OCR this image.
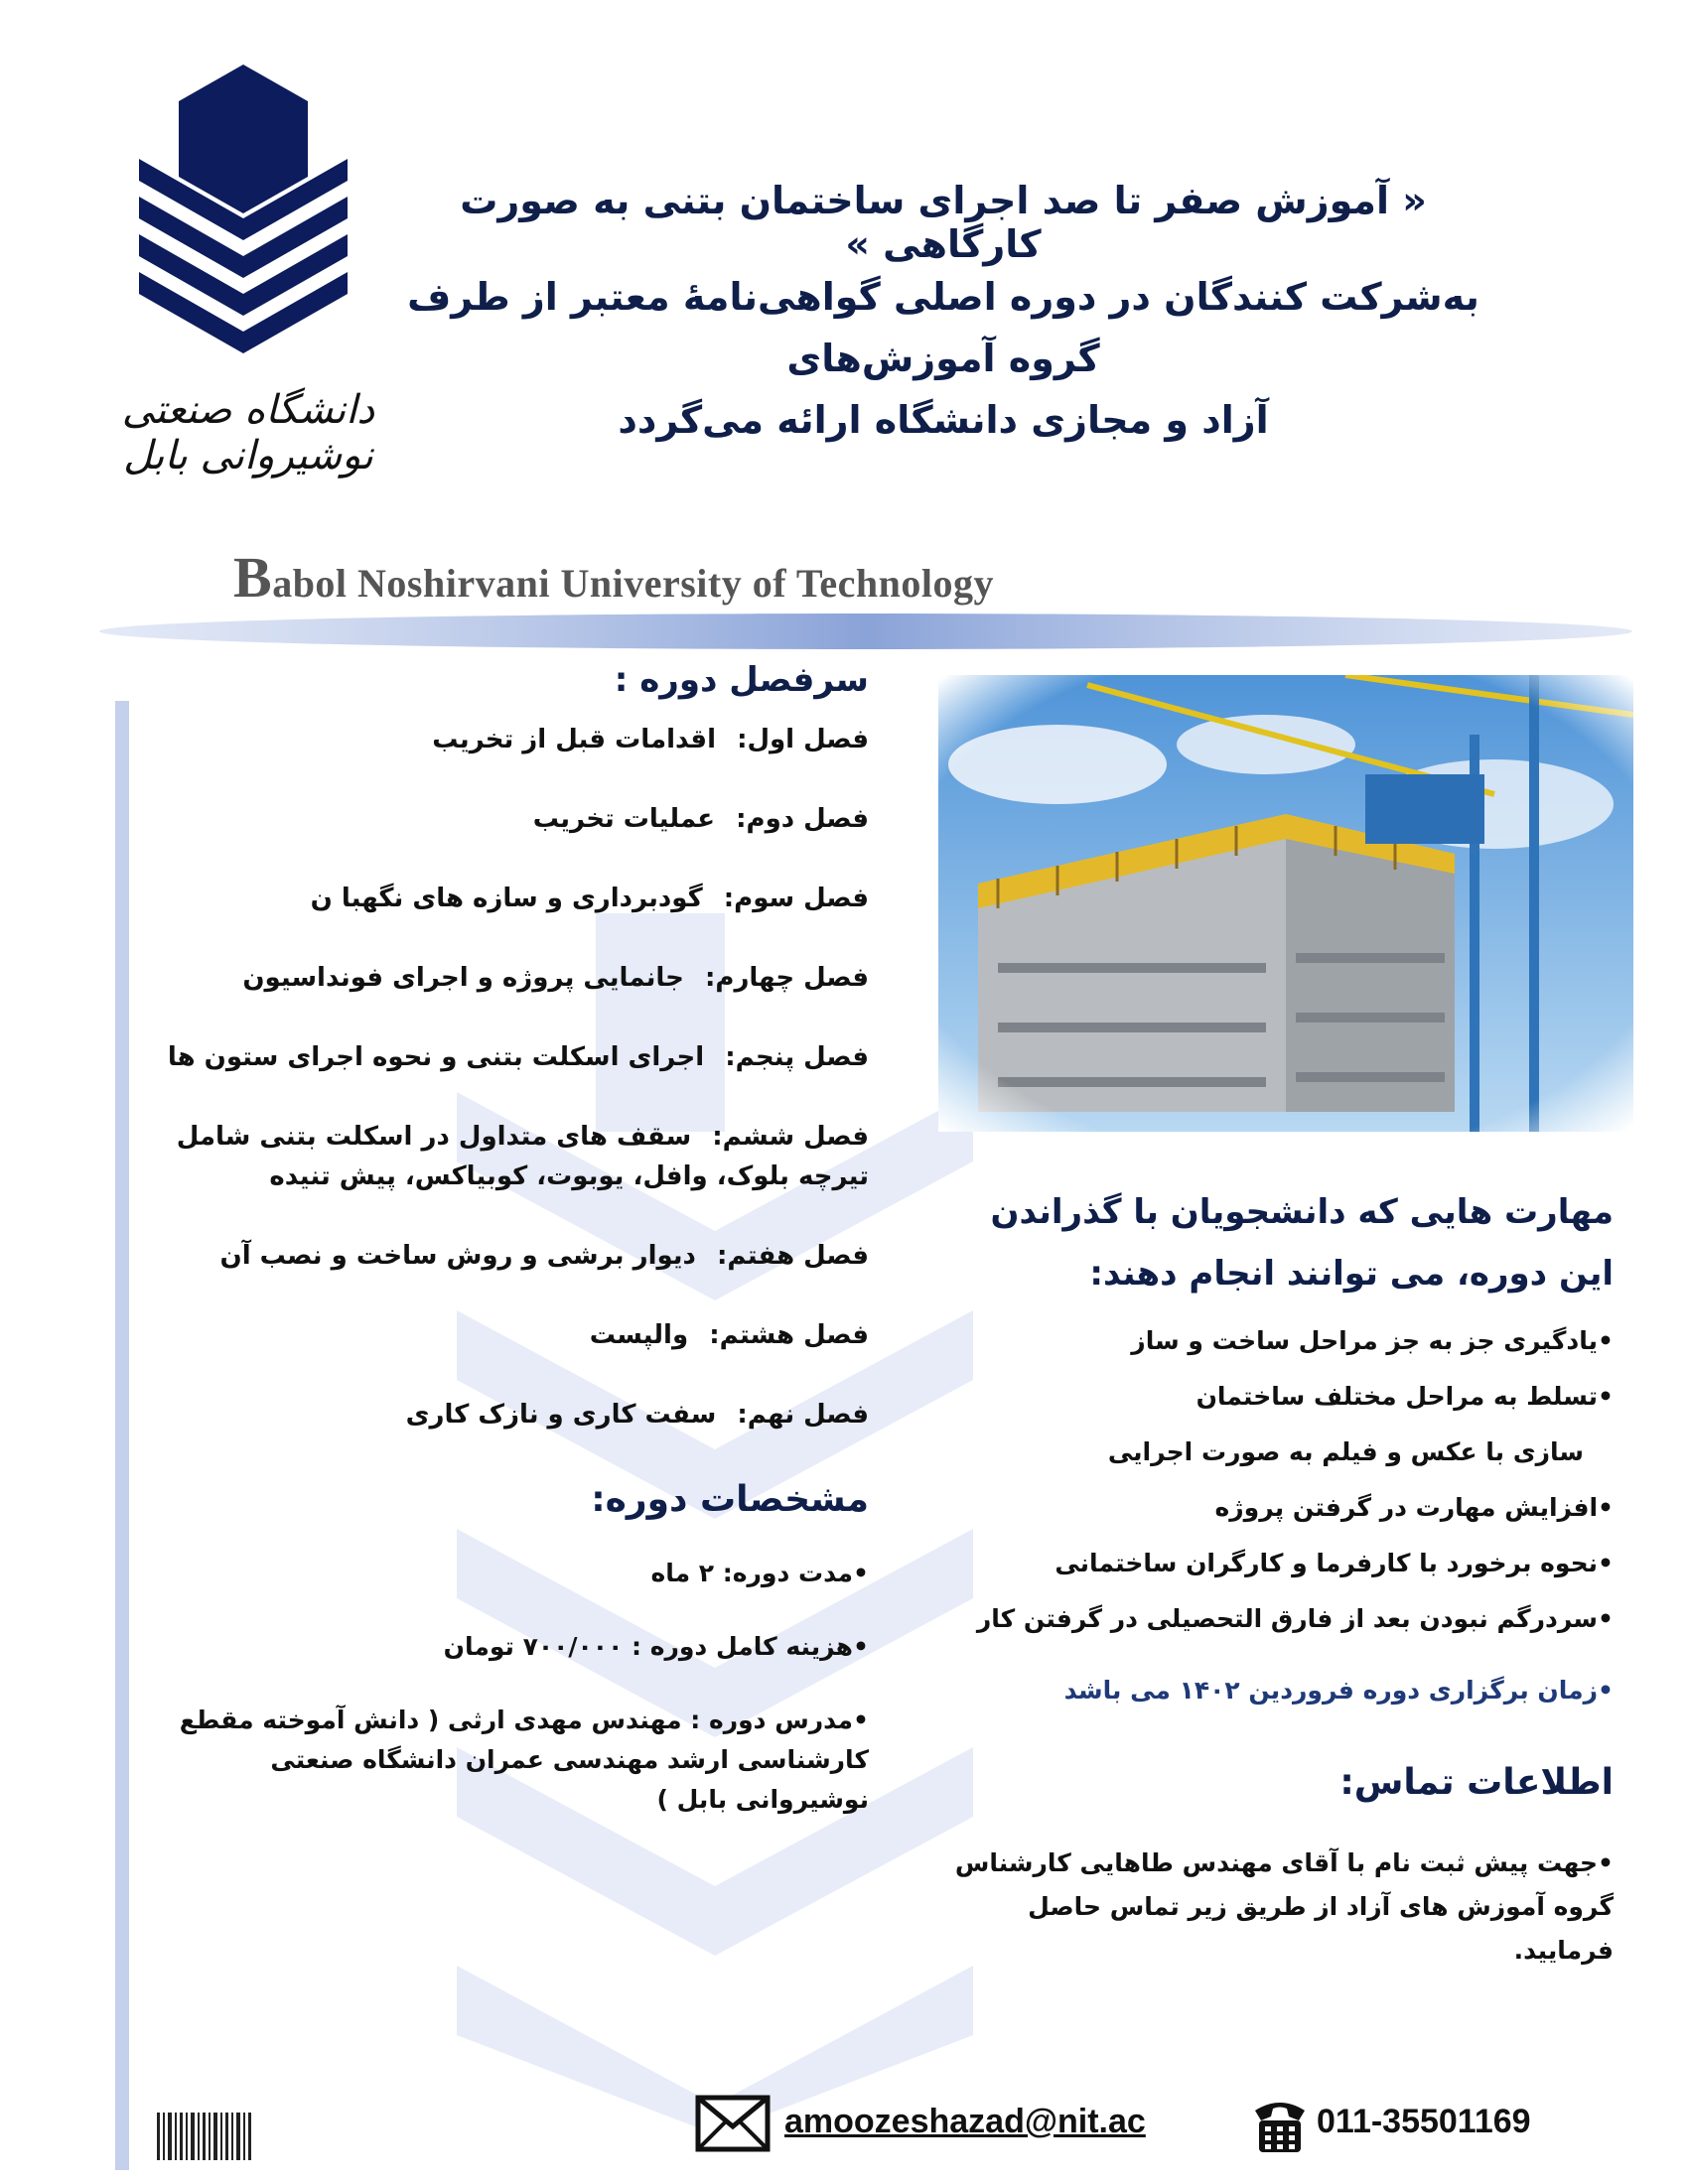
دانشگاه صنعتی نوشیروانی بابل
« آموزش صفر تا صد اجرای ساختمان بتنی به صورت کارگاهی »
به‌شرکت کنندگان در دوره اصلی گواهی‌نامهٔ معتبر از طرف گروه آموزش‌های
آزاد و مجازی دانشگاه ارائه می‌گردد
Babol Noshirvani University of Technology
سرفصل دوره :
فصل اول: اقدامات قبل از تخریب
فصل دوم: عملیات تخریب
فصل سوم: گودبرداری و سازه های نگهبا ن
فصل چهارم: جانمایی پروژه و اجرای فونداسیون
فصل پنجم: اجرای اسکلت بتنی و نحوه اجرای ستون ها
فصل ششم: سقف های متداول در اسکلت بتنی شامل تیرچه بلوک، وافل، یوبوت، کوبیاکس، پیش تنیده
فصل هفتم: دیوار برشی و روش ساخت و نصب آن
فصل هشتم: والپست
فصل نهم: سفت کاری و نازک کاری
مشخصات دوره:
•مدت دوره: ۲ ماه
•هزینه کامل دوره : ۷۰۰/۰۰۰ تومان
•مدرس دوره : مهندس مهدی ارثی ( دانش آموخته مقطع کارشناسی ارشد مهندسی عمران دانشگاه صنعتی نوشیروانی بابل )
مهارت هایی که دانشجویان با گذراندن این دوره، می توانند انجام دهند:
•یادگیری جز به جز مراحل ساخت و ساز
•تسلط به مراحل مختلف ساختمان
سازی با عکس و فیلم به صورت اجرایی
•افزایش مهارت در گرفتن پروژه
•نحوه برخورد با کارفرما و کارگران ساختمانی
•سردرگم نبودن بعد از فارق التحصیلی در گرفتن کار
•زمان برگزاری دوره فروردین ۱۴۰۲ می باشد
اطلاعات تماس:
•جهت پیش ثبت نام با آقای مهندس طاهایی کارشناس گروه آموزش های آزاد از طریق زیر تماس حاصل فرمایید.
amoozeshazad@nit.ac	011-35501169
